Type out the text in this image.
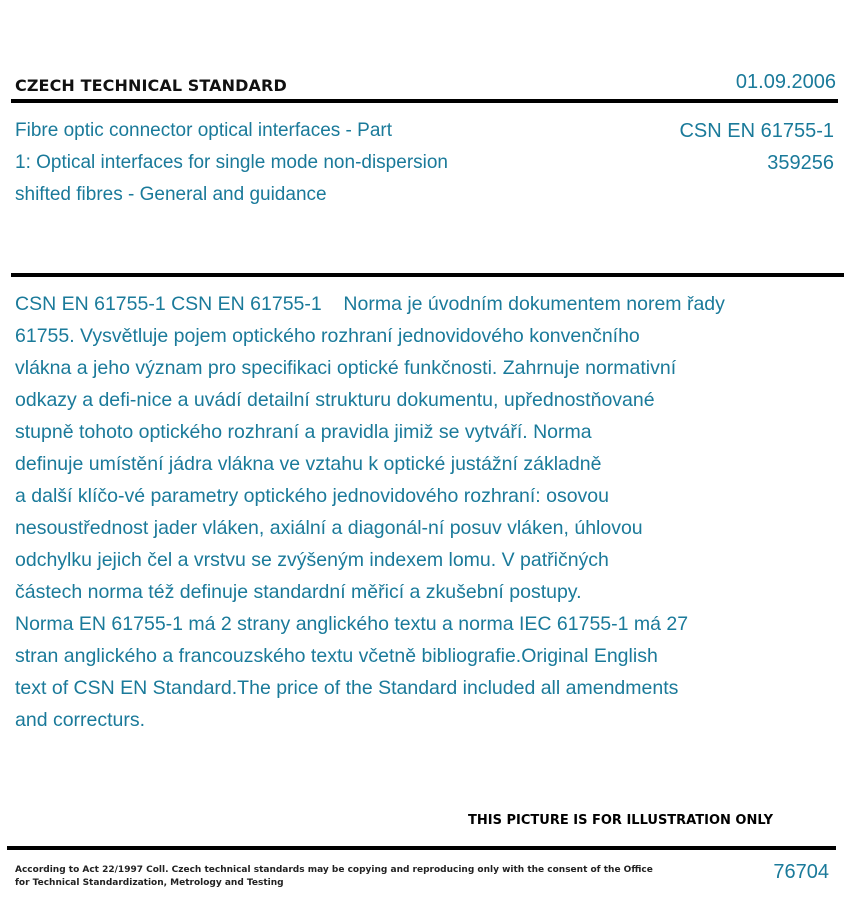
CZECH TECHNICAL STANDARD	01.09.2006
Fibre optic connector optical interfaces - Part
1: Optical interfaces for single mode non-dispersion
shifted fibres - General and guidance
CSN EN 61755-1
359256
CSN EN 61755-1 CSN EN 61755-1    Norma je úvodním dokumentem norem řady
61755. Vysvětluje pojem optického rozhraní jednovidového konvenčního
vlákna a jeho význam pro specifikaci optické funkčnosti. Zahrnuje normativní
odkazy a defi-nice a uvádí detailní strukturu dokumentu, upřednostňované
stupně tohoto optického rozhraní a pravidla jimiž se vytváří. Norma
definuje umístění jádra vlákna ve vztahu k optické justážní základně
a další klíčo-vé parametry optického jednovidového rozhraní: osovou
nesoustřednost jader vláken, axiální a diagonál-ní posuv vláken, úhlovou
odchylku jejich čel a vrstvu se zvýšeným indexem lomu. V patřičných
částech norma též definuje standardní měřicí a zkušební postupy.
Norma EN 61755-1 má 2 strany anglického textu a norma IEC 61755-1 má 27
stran anglického a francouzského textu včetně bibliografie.Original English
text of CSN EN Standard.The price of the Standard included all amendments
and correcturs.
THIS PICTURE IS FOR ILLUSTRATION ONLY
According to Act 22/1997 Coll. Czech technical standards may be copying and reproducing only with the consent of the Office
for Technical Standardization, Metrology and Testing	76704
